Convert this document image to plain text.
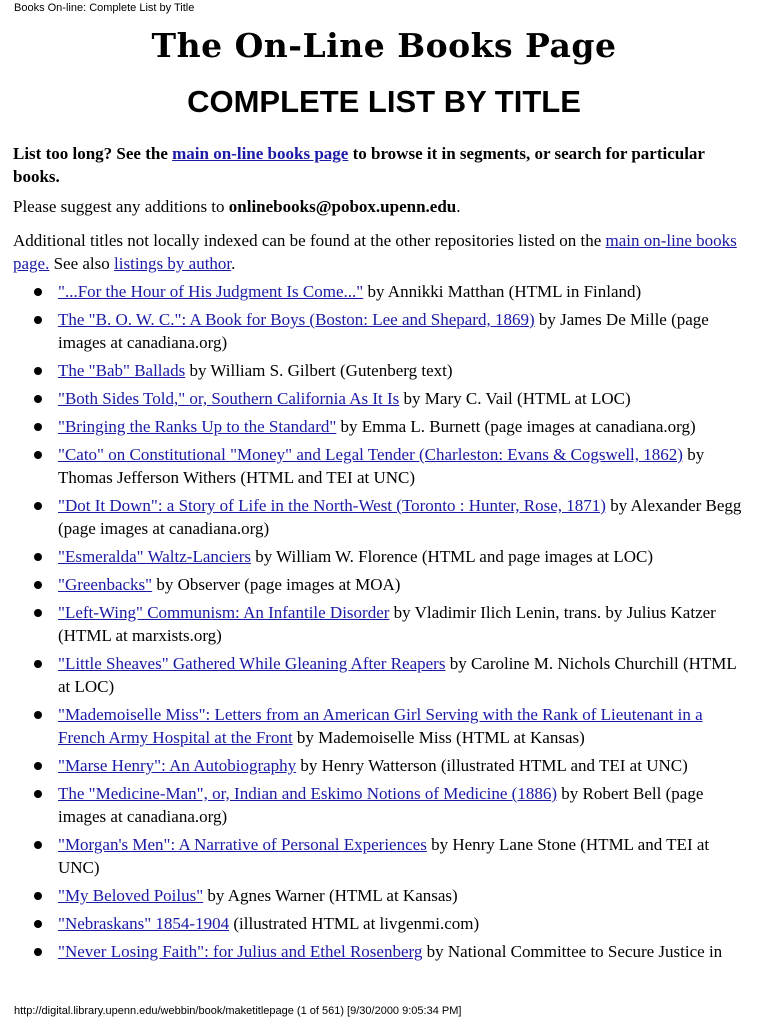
Books On-line: Complete List by Title
The On-Line Books Page
COMPLETE LIST BY TITLE

List too long? See the main on-line books page to browse it in segments, or search for particular books.

Please suggest any additions to onlinebooks@pobox.upenn.edu.

Additional titles not locally indexed can be found at the other repositories listed on the main on-line books page. See also listings by author.

"...For the Hour of His Judgment Is Come..." by Annikki Matthan (HTML in Finland)
The "B. O. W. C.": A Book for Boys (Boston: Lee and Shepard, 1869) by James De Mille (page images at canadiana.org)
The "Bab" Ballads by William S. Gilbert (Gutenberg text)
"Both Sides Told," or, Southern California As It Is by Mary C. Vail (HTML at LOC)
"Bringing the Ranks Up to the Standard" by Emma L. Burnett (page images at canadiana.org)
"Cato" on Constitutional "Money" and Legal Tender (Charleston: Evans & Cogswell, 1862) by Thomas Jefferson Withers (HTML and TEI at UNC)
"Dot It Down": a Story of Life in the North-West (Toronto : Hunter, Rose, 1871) by Alexander Begg (page images at canadiana.org)
"Esmeralda" Waltz-Lanciers by William W. Florence (HTML and page images at LOC)
"Greenbacks" by Observer (page images at MOA)
"Left-Wing" Communism: An Infantile Disorder by Vladimir Ilich Lenin, trans. by Julius Katzer (HTML at marxists.org)
"Little Sheaves" Gathered While Gleaning After Reapers by Caroline M. Nichols Churchill (HTML at LOC)
"Mademoiselle Miss": Letters from an American Girl Serving with the Rank of Lieutenant in a French Army Hospital at the Front by Mademoiselle Miss (HTML at Kansas)
"Marse Henry": An Autobiography by Henry Watterson (illustrated HTML and TEI at UNC)
The "Medicine-Man", or, Indian and Eskimo Notions of Medicine (1886) by Robert Bell (page images at canadiana.org)
"Morgan's Men": A Narrative of Personal Experiences by Henry Lane Stone (HTML and TEI at UNC)
"My Beloved Poilus" by Agnes Warner (HTML at Kansas)
"Nebraskans" 1854-1904 (illustrated HTML at livgenmi.com)
"Never Losing Faith": for Julius and Ethel Rosenberg by National Committee to Secure Justice in
http://digital.library.upenn.edu/webbin/book/maketitlepage (1 of 561) [9/30/2000 9:05:34 PM]
